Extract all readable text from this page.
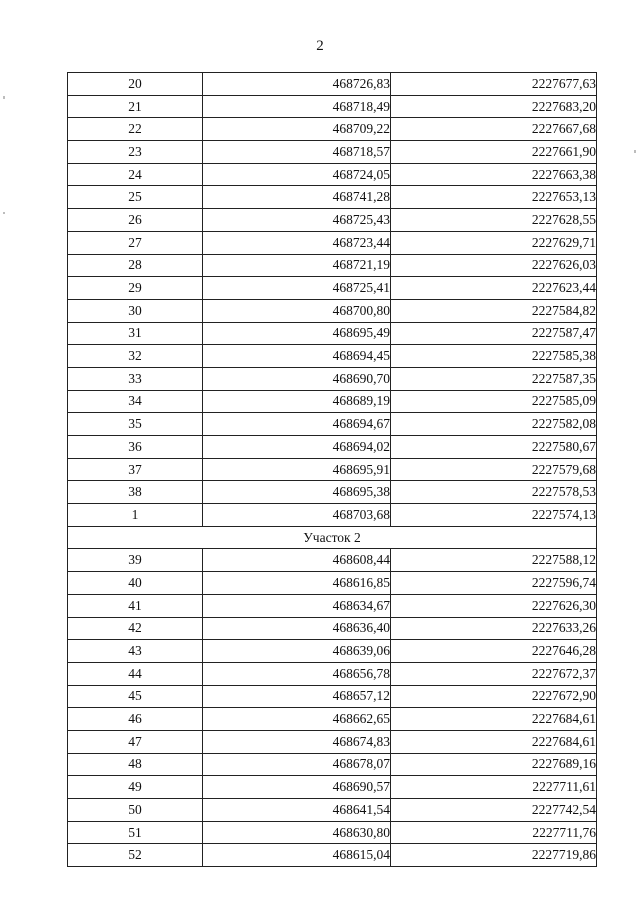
2
20	468726,83	2227677,63
21	468718,49	2227683,20
22	468709,22	2227667,68
23	468718,57	2227661,90
24	468724,05	2227663,38
25	468741,28	2227653,13
26	468725,43	2227628,55
27	468723,44	2227629,71
28	468721,19	2227626,03
29	468725,41	2227623,44
30	468700,80	2227584,82
31	468695,49	2227587,47
32	468694,45	2227585,38
33	468690,70	2227587,35
34	468689,19	2227585,09
35	468694,67	2227582,08
36	468694,02	2227580,67
37	468695,91	2227579,68
38	468695,38	2227578,53
1	468703,68	2227574,13
Участок 2		
39	468608,44	2227588,12
40	468616,85	2227596,74
41	468634,67	2227626,30
42	468636,40	2227633,26
43	468639,06	2227646,28
44	468656,78	2227672,37
45	468657,12	2227672,90
46	468662,65	2227684,61
47	468674,83	2227684,61
48	468678,07	2227689,16
49	468690,57	2227711,61
50	468641,54	2227742,54
51	468630,80	2227711,76
52	468615,04	2227719,86
